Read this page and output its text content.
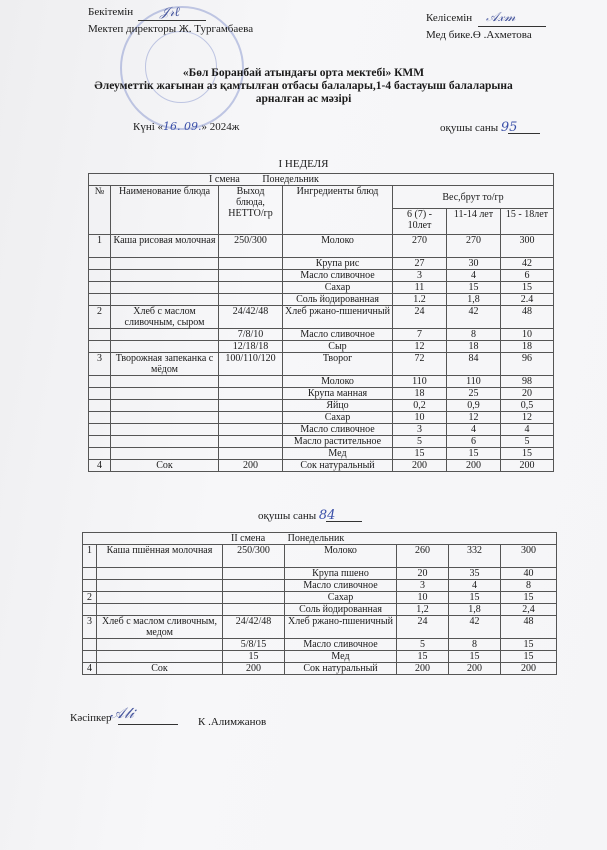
Бекітемін 𝒥𝓇ℓ
Мектеп директоры Ж. Тургамбаева
Келісемін 𝒜𝓍𝓂
Мед бике.Ө .Ахметова
«Бөл Боранбай атындағы орта мектебі» КММ
Әлеуметтік жағынан аз қамтылған отбасы балалары,1-4 бастауыш балаларына
арналған ас мәзірі
Күні «16. 09.» 2024ж	оқушы саны 95
I НЕДЕЛЯ
I смена Понедельник						
№	Наименование блюда	Выход блюда, НЕТТО/гр	Ингредиенты блюд	Вес,брут то/гр		
				6 (7) - 10лет	11-14 лет	15 - 18лет
1	Каша рисовая молочная	250/300	Молоко	270	270	300
			Крупа рис	27	30	42
			Масло сливочное	3	4	6
			Сахар	11	15	15
			Соль йодированная	1.2	1,8	2.4
2	Хлеб с маслом сливочным, сыром	24/42/48	Хлеб ржано-пшеничный	24	42	48
		7/8/10	Масло сливочное	7	8	10
		12/18/18	Сыр	12	18	18
3	Творожная запеканка с мёдом	100/110/120	Творог	72	84	96
			Молоко	110	110	98
			Крупа манная	18	25	20
			Яйцо	0,2	0,9	0,5
			Сахар	10	12	12
			Масло сливочное	3	4	4
			Масло растительное	5	6	5
			Мед	15	15	15
4	Сок	200	Сок натуральный	200	200	200
оқушы саны 84
II смена Понедельник						
1	Каша пшённая молочная	250/300	Молоко	260	332	300
			Крупа пшено	20	35	40
			Масло сливочное	3	4	8
2			Сахар	10	15	15
			Соль йодированная	1,2	1,8	2,4
3	Хлеб с маслом сливочным, медом	24/42/48	Хлеб ржано-пшеничный	24	42	48
		5/8/15	Масло сливочное	5	8	15
		15	Мед	15	15	15
4	Сок	200	Сок натуральный	200	200	200
Кәсіпкер
𝒜𝓁𝒾	К .Алимжанов
